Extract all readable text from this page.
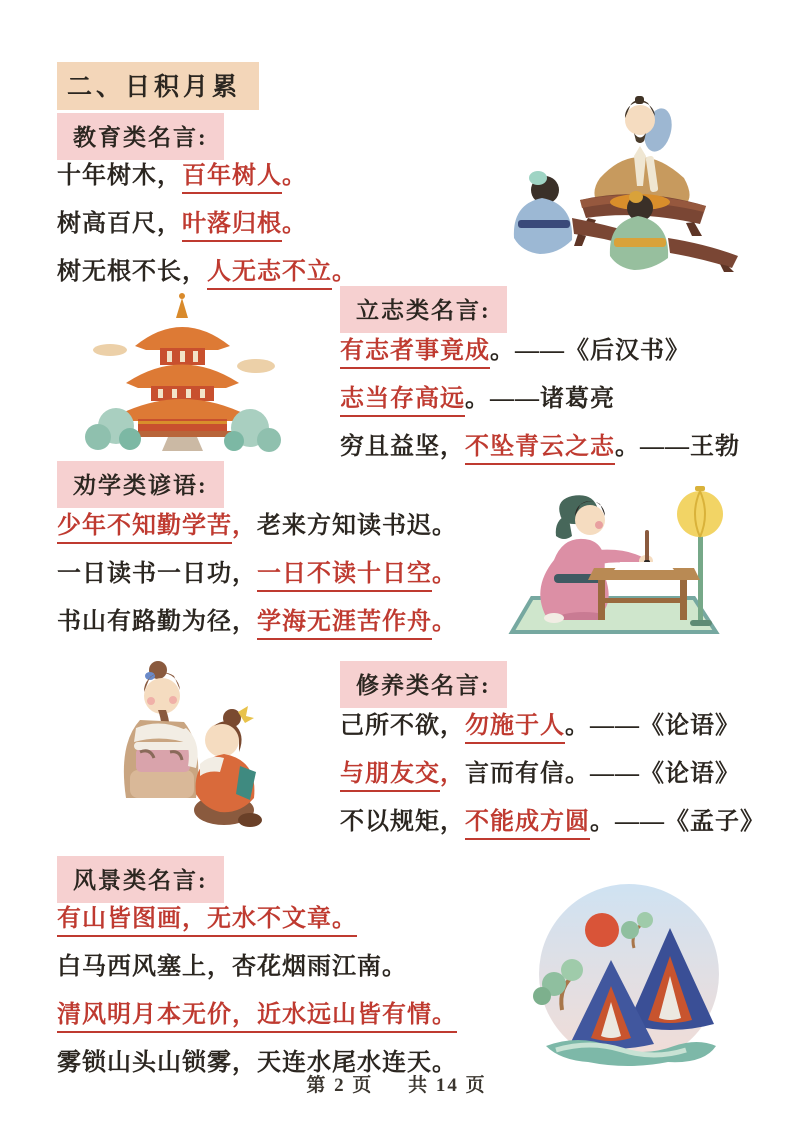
二、日积月累
教育类名言:
十年树木，百年树人。
树高百尺，叶落归根。
树无根不长，人无志不立。
立志类名言:
有志者事竟成。——《后汉书》
志当存高远。——诸葛亮
穷且益坚，不坠青云之志。——王勃
劝学类谚语:
少年不知勤学苦，老来方知读书迟。
一日读书一日功，一日不读十日空。
书山有路勤为径，学海无涯苦作舟。
修养类名言:
己所不欲，勿施于人。——《论语》
与朋友交，言而有信。——《论语》
不以规矩，不能成方圆。——《孟子》
风景类名言:
有山皆图画，无水不文章。
白马西风塞上，杏花烟雨江南。
清风明月本无价，近水远山皆有情。
雾锁山头山锁雾，天连水尾水连天。
第 2 页 共 14 页
